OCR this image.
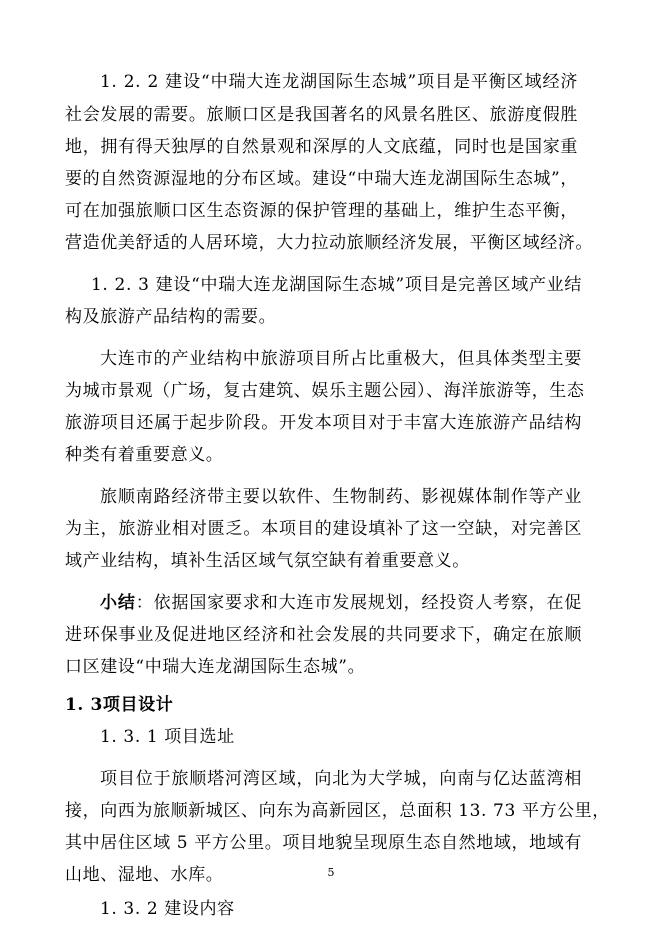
1. 2. 2 建设“中瑞大连龙湖国际生态城”项目是平衡区域经济
社会发展的需要。旅顺口区是我国著名的风景名胜区、旅游度假胜
地，拥有得天独厚的自然景观和深厚的人文底蕴，同时也是国家重
要的自然资源湿地的分布区域。建设“中瑞大连龙湖国际生态城”，
可在加强旅顺口区生态资源的保护管理的基础上，维护生态平衡，
营造优美舒适的人居环境，大力拉动旅顺经济发展，平衡区域经济。
1. 2. 3 建设“中瑞大连龙湖国际生态城”项目是完善区域产业结
构及旅游产品结构的需要。
大连市的产业结构中旅游项目所占比重极大，但具体类型主要
为城市景观（广场，复古建筑、娱乐主题公园）、海洋旅游等，生态
旅游项目还属于起步阶段。开发本项目对于丰富大连旅游产品结构
种类有着重要意义。
旅顺南路经济带主要以软件、生物制药、影视媒体制作等产业
为主，旅游业相对匮乏。本项目的建设填补了这一空缺，对完善区
域产业结构，填补生活区域气氛空缺有着重要意义。
小结：依据国家要求和大连市发展规划，经投资人考察，在促
进环保事业及促进地区经济和社会发展的共同要求下，确定在旅顺
口区建设“中瑞大连龙湖国际生态城”。
1. 3项目设计
1. 3. 1 项目选址
项目位于旅顺塔河湾区域，向北为大学城，向南与亿达蓝湾相
接，向西为旅顺新城区、向东为高新园区，总面积 13. 73 平方公里，
其中居住区域 5 平方公里。项目地貌呈现原生态自然地域，地域有
山地、湿地、水库。
1. 3. 2 建设内容
5
